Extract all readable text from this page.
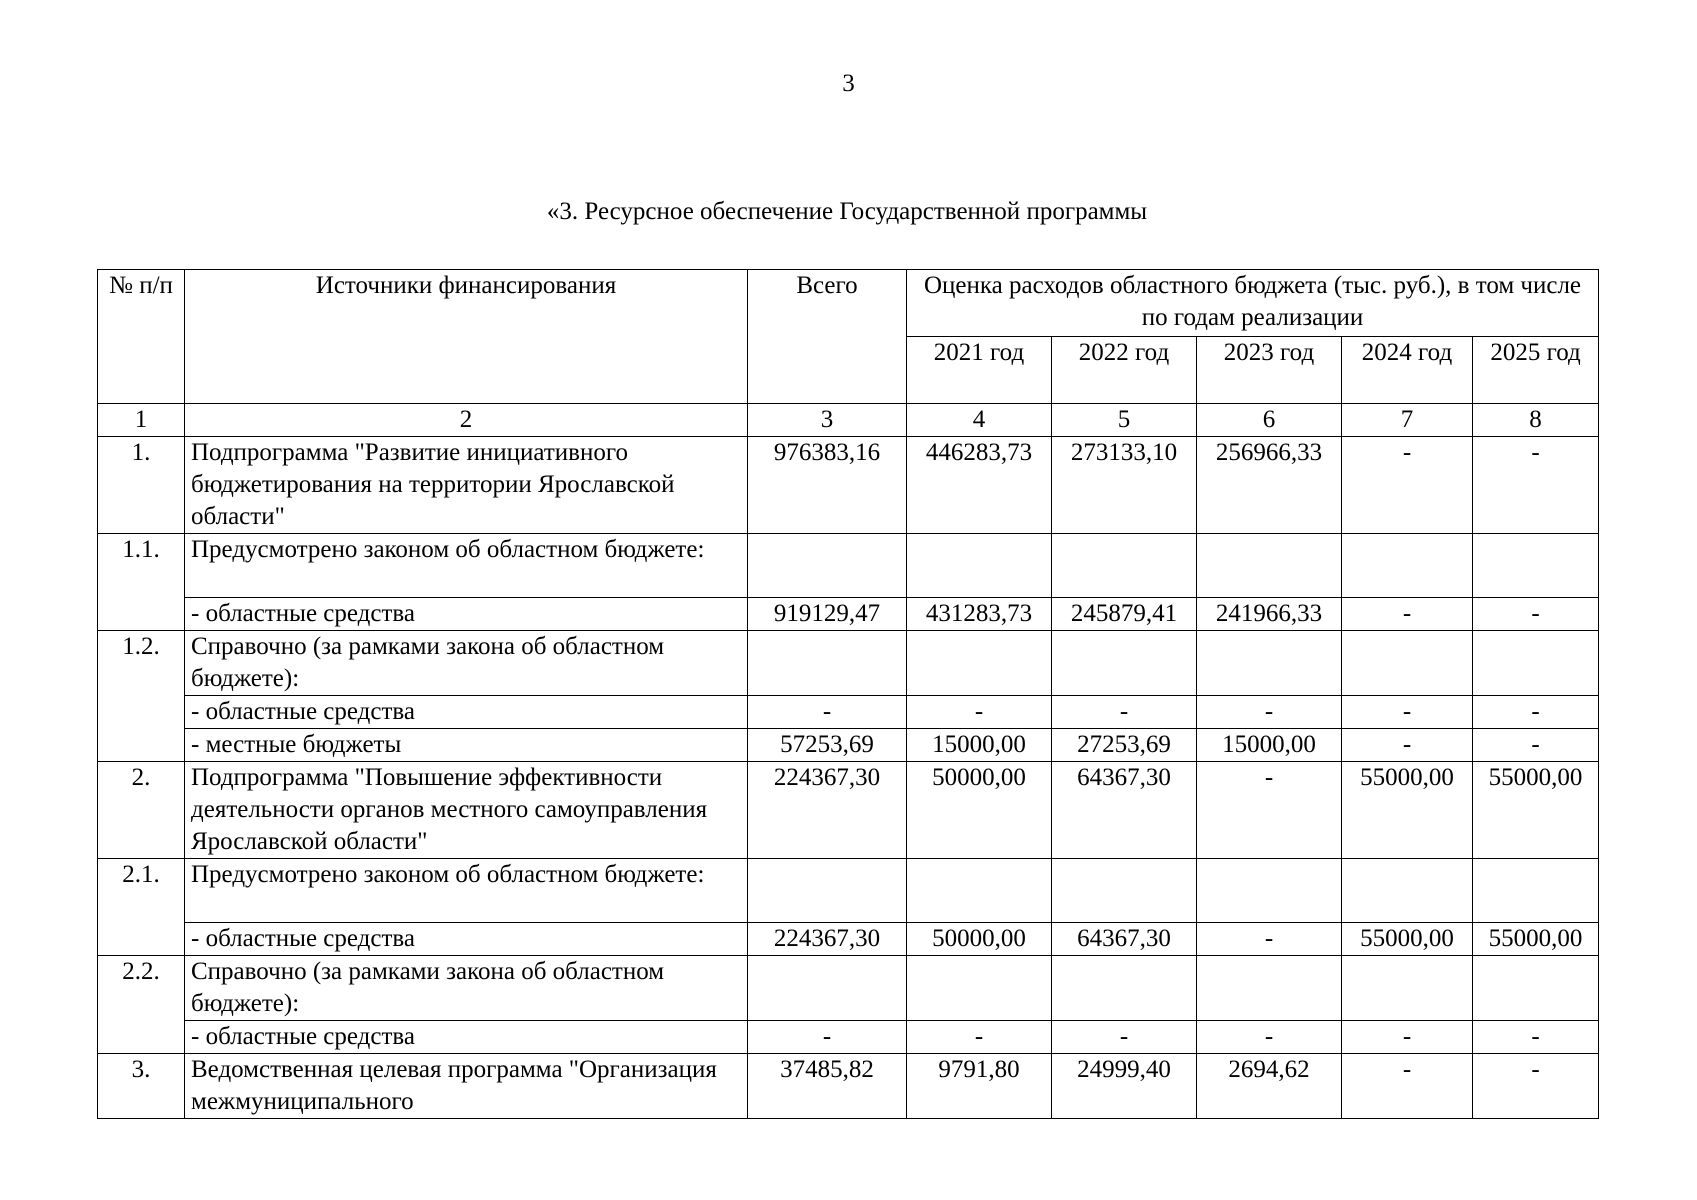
3
«3. Ресурсное обеспечение Государственной программы
№ п/п	Источники финансирования	Всего	Оценка расходов областного бюджета (тыс. руб.), в том числе по годам реализации				
			2021 год	2022 год	2023 год	2024 год	2025 год
1	2	3	4	5	6	7	8
1.	Подпрограмма "Развитие инициативного бюджетирования на территории Ярославской области"	976383,16	446283,73	273133,10	256966,33	-	-
1.1.	Предусмотрено законом об областном бюджете:						
	- областные средства	919129,47	431283,73	245879,41	241966,33	-	-
1.2.	Справочно (за рамками закона об областном бюджете):						
	- областные средства	-	-	-	-	-	-
	- местные бюджеты	57253,69	15000,00	27253,69	15000,00	-	-
2.	Подпрограмма "Повышение эффективности деятельности органов местного самоуправления Ярославской области"	224367,30	50000,00	64367,30	-	55000,00	55000,00
2.1.	Предусмотрено законом об областном бюджете:						
	- областные средства	224367,30	50000,00	64367,30	-	55000,00	55000,00
2.2.	Справочно (за рамками закона об областном бюджете):						
	- областные средства	-	-	-	-	-	-
3.	Ведомственная целевая программа "Организация межмуниципального	37485,82	9791,80	24999,40	2694,62	-	-
